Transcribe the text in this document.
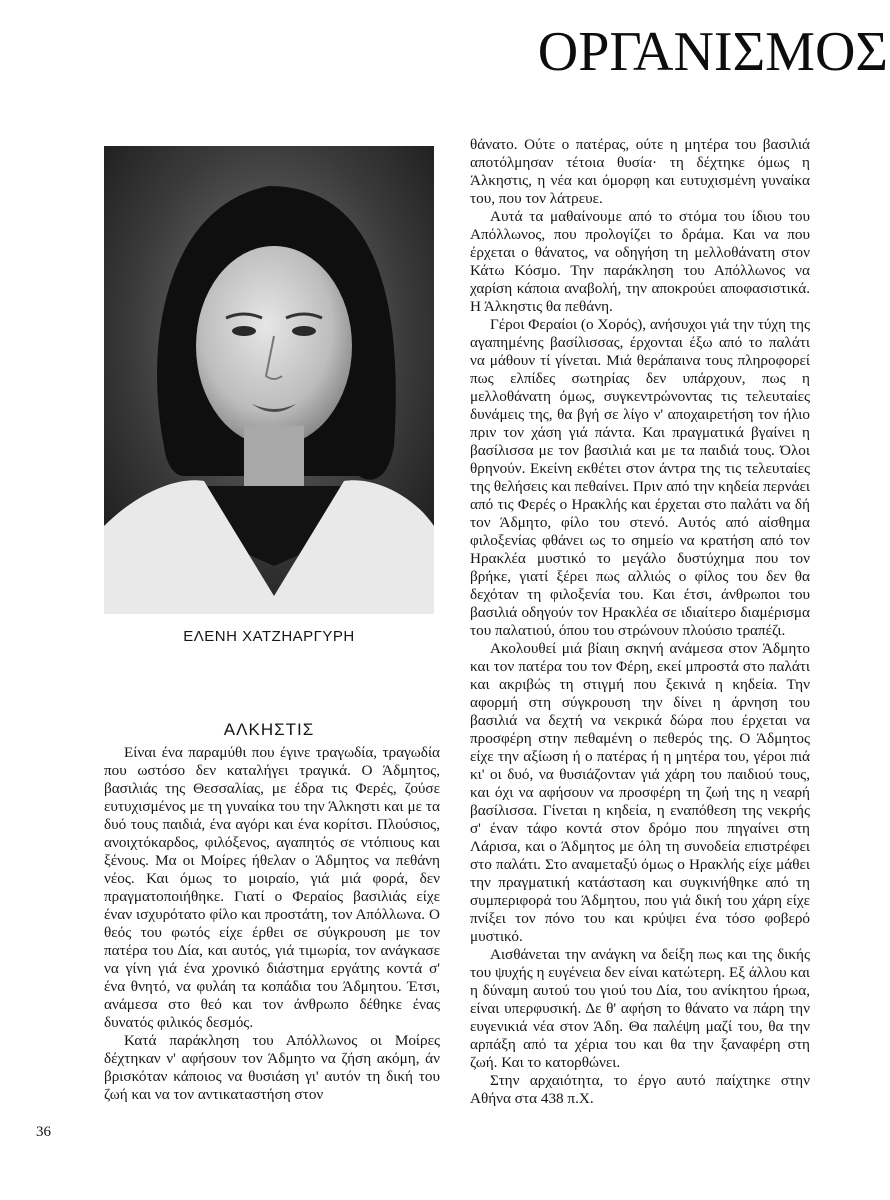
ΟΡΓΑΝΙΣΜΟΣ
ΕΛΕΝΗ ΧΑΤΖΗΑΡΓΥΡΗ
ΑΛΚΗΣΤΙΣ

Είναι ένα παραμύθι που έγινε τραγωδία, τραγωδία που ωστόσο δεν καταλήγει τραγικά. Ο Άδμητος, βασιλιάς της Θεσσαλίας, με έδρα τις Φερές, ζούσε ευτυχισμένος με τη γυναίκα του την Άλκηστι και με τα δυό τους παιδιά, ένα αγόρι και ένα κορίτσι. Πλούσιος, ανοιχτόκαρδος, φιλόξενος, αγαπητός σε ντόπιους και ξένους. Μα οι Μοίρες ήθελαν ο Άδμητος να πεθάνη νέος. Και όμως το μοιραίο, γιά μιά φορά, δεν πραγματοποιήθηκε. Γιατί ο Φεραίος βασιλιάς είχε έναν ισχυρότατο φίλο και προστάτη, τον Απόλλωνα. Ο θεός του φωτός είχε έρθει σε σύγκρουση με τον πατέρα του Δία, και αυτός, γιά τιμωρία, τον ανάγκασε να γίνη γιά ένα χρονικό διάστημα εργάτης κοντά σ' ένα θνητό, να φυλάη τα κοπάδια του Άδμητου. Έτσι, ανάμεσα στο θεό και τον άνθρωπο δέθηκε ένας δυνατός φιλικός δεσμός.

Κατά παράκληση του Απόλλωνος οι Μοίρες δέχτηκαν ν' αφήσουν τον Άδμητο να ζήση ακόμη, άν βρισκόταν κάποιος να θυσιάση γι' αυτόν τη δική του ζωή και να τον αντικαταστήση στον

θάνατο. Ούτε ο πατέρας, ούτε η μητέρα του βασιλιά αποτόλμησαν τέτοια θυσία· τη δέχτηκε όμως η Άλκηστις, η νέα και όμορφη και ευτυχισμένη γυναίκα του, που τον λάτρευε.

Αυτά τα μαθαίνουμε από το στόμα του ίδιου του Απόλλωνος, που προλογίζει το δράμα. Και να που έρχεται ο θάνατος, να οδηγήση τη μελλοθάνατη στον Κάτω Κόσμο. Την παράκληση του Απόλλωνος να χαρίση κάποια αναβολή, την αποκρούει αποφασιστικά. Η Άλκηστις θα πεθάνη.

Γέροι Φεραίοι (ο Χορός), ανήσυχοι γιά την τύχη της αγαπημένης βασίλισσας, έρχονται έξω από το παλάτι να μάθουν τί γίνεται. Μιά θεράπαινα τους πληροφορεί πως ελπίδες σωτηρίας δεν υπάρχουν, πως η μελλοθάνατη όμως, συγκεντρώνοντας τις τελευταίες δυνάμεις της, θα βγή σε λίγο ν' αποχαιρετήση τον ήλιο πριν τον χάση γιά πάντα. Και πραγματικά βγαίνει η βασίλισσα με τον βασιλιά και με τα παιδιά τους. Όλοι θρηνούν. Εκείνη εκθέτει στον άντρα της τις τελευταίες της θελήσεις και πεθαίνει. Πριν από την κηδεία περνάει από τις Φερές ο Ηρακλής και έρχεται στο παλάτι να δή τον Άδμητο, φίλο του στενό. Αυτός από αίσθημα φιλοξενίας φθάνει ως το σημείο να κρατήση από τον Ηρακλέα μυστικό το μεγάλο δυστύχημα που τον βρήκε, γιατί ξέρει πως αλλιώς ο φίλος του δεν θα δεχόταν τη φιλοξενία του. Και έτσι, άνθρωποι του βασιλιά οδηγούν τον Ηρακλέα σε ιδιαίτερο διαμέρισμα του παλατιού, όπου του στρώνουν πλούσιο τραπέζι.

Ακολουθεί μιά βίαιη σκηνή ανάμεσα στον Άδμητο και τον πατέρα του τον Φέρη, εκεί μπροστά στο παλάτι και ακριβώς τη στιγμή που ξεκινά η κηδεία. Την αφορμή στη σύγκρουση την δίνει η άρνηση του βασιλιά να δεχτή να νεκρικά δώρα που έρχεται να προσφέρη στην πεθαμένη ο πεθερός της. Ο Άδμητος είχε την αξίωση ή ο πατέρας ή η μητέρα του, γέροι πιά κι' οι δυό, να θυσιάζονταν γιά χάρη του παιδιού τους, και όχι να αφήσουν να προσφέρη τη ζωή της η νεαρή βασίλισσα. Γίνεται η κηδεία, η εναπόθεση της νεκρής σ' έναν τάφο κοντά στον δρόμο που πηγαίνει στη Λάρισα, και ο Άδμητος με όλη τη συνοδεία επιστρέφει στο παλάτι. Στο αναμεταξύ όμως ο Ηρακλής είχε μάθει την πραγματική κατάσταση και συγκινήθηκε από τη συμπεριφορά του Άδμητου, που γιά δική του χάρη είχε πνίξει τον πόνο του και κρύψει ένα τόσο φοβερό μυστικό.

Αισθάνεται την ανάγκη να δείξη πως και της δικής του ψυχής η ευγένεια δεν είναι κατώτερη. Εξ άλλου και η δύναμη αυτού του γιού του Δία, του ανίκητου ήρωα, είναι υπερφυσική. Δε θ' αφήση το θάνατο να πάρη την ευγενικιά νέα στον Άδη. Θα παλέψη μαζί του, θα την αρπάξη από τα χέρια του και θα την ξαναφέρη στη ζωή. Και το κατορθώνει.

Στην αρχαιότητα, το έργο αυτό παίχτηκε στην Αθήνα στα 438 π.Χ.

36
